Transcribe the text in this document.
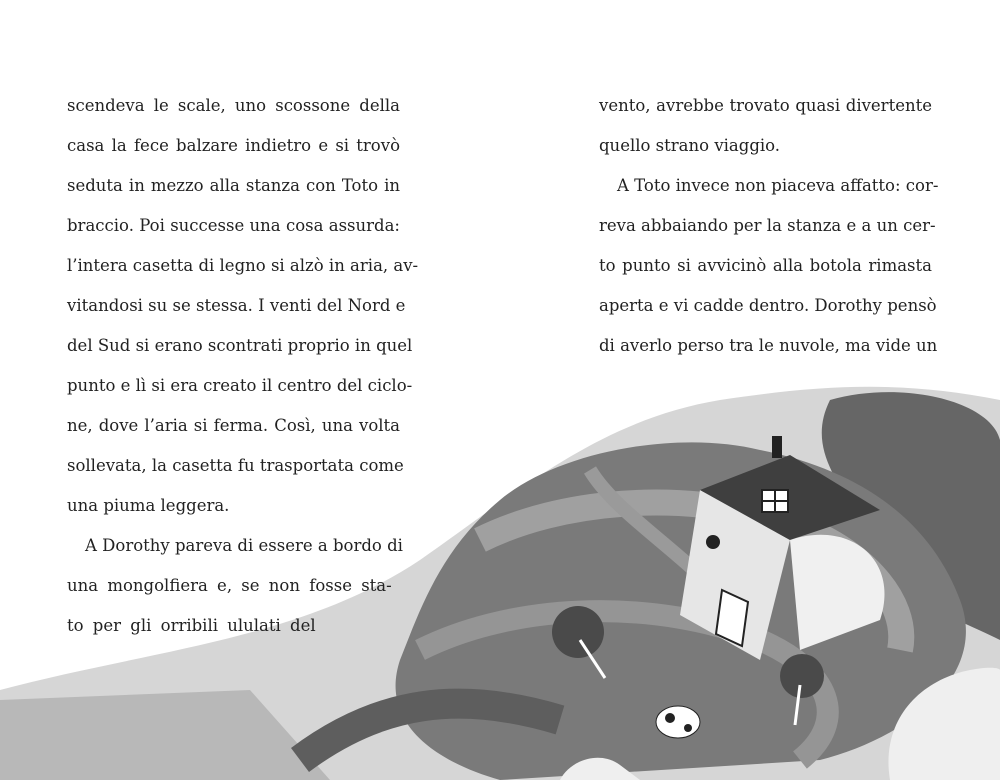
scendeva le scale, uno scossone della
casa la fece balzare indietro e si trovò
seduta in mezzo alla stanza con Toto in
braccio. Poi successe una cosa assurda:
l’intera casetta di legno si alzò in aria, av-
vitandosi su se stessa. I venti del Nord e
del Sud si erano scontrati proprio in quel
punto e lì si era creato il centro del ciclo-
ne, dove l’aria si ferma. Così, una volta
sollevata, la casetta fu trasportata come
una piuma leggera.
A Dorothy pareva di essere a bordo di
una mongolfiera e, se non fosse sta-
to per gli orribili ululati del
vento, avrebbe trovato quasi divertente
quello strano viaggio.
A Toto invece non piaceva affatto: cor-
reva abbaiando per la stanza e a un cer-
to punto si avvicinò alla botola rimasta
aperta e vi cadde dentro. Dorothy pensò
di averlo perso tra le nuvole, ma vide un
